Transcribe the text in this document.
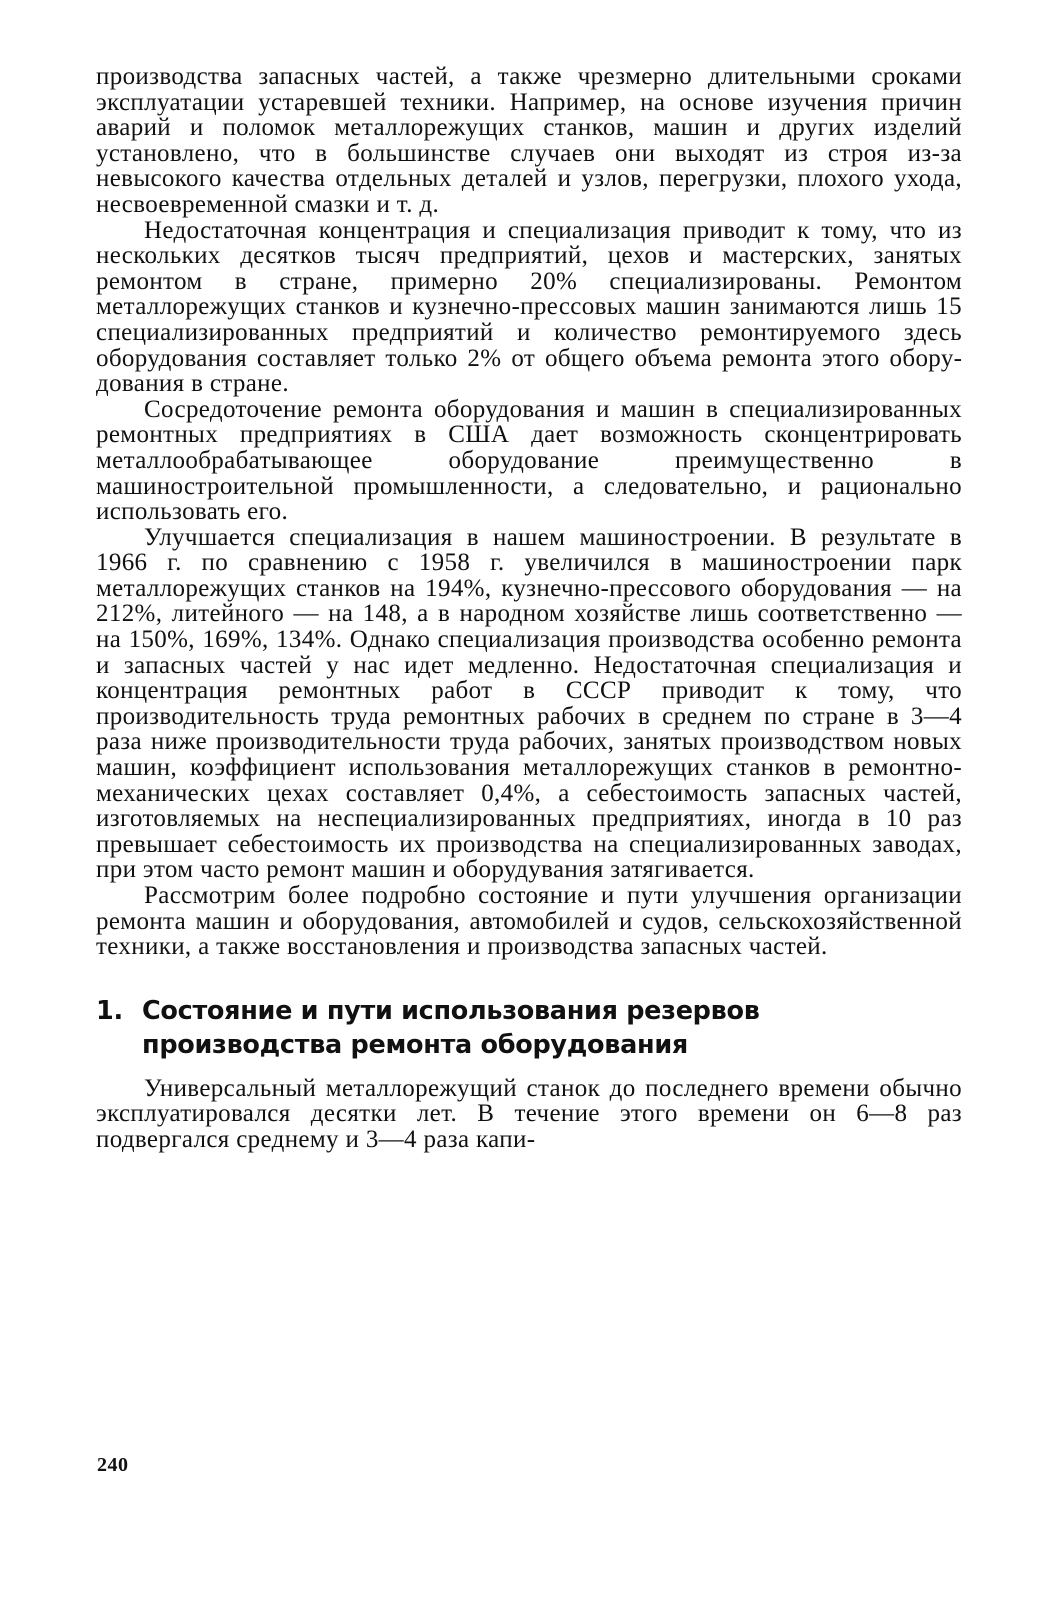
производства запасных частей, а также чрезмерно длительными сроками эксплуатации устаревшей техники. Например, на основе изучения причин аварий и поломок металлорежущих станков, машин и других изделий установлено, что в большинстве случаев они выходят из строя из-за невысокого качества отдельных деталей и узлов, перегрузки, плохого ухода, несвоевременной смазки и т. д.

Недостаточная концентрация и специализация приводит к тому, что из нескольких десятков тысяч предприятий, цехов и мастерских, занятых ремонтом в стране, примерно 20% специализированы. Ремонтом металлорежущих станков и кузнечно-прессовых машин занимаются лишь 15 специализированных предприятий и количество ремонтируемого здесь оборудования составляет только 2% от общего объема ремонта этого оборудования в стране.

Сосредоточение ремонта оборудования и машин в специализированных ремонтных предприятиях в США дает возможность сконцентрировать металлообрабатывающее оборудование преимущественно в машиностроительной промышленности, а следовательно, и рационально использовать его.

Улучшается специализация в нашем машиностроении. В результате в 1966 г. по сравнению с 1958 г. увеличился в машиностроении парк металлорежущих станков на 194%, кузнечно-прессового оборудования — на 212%, литейного — на 148, а в народном хозяйстве лишь соответственно — на 150%, 169%, 134%. Однако специализация производства особенно ремонта и запасных частей у нас идет медленно. Недостаточная специализация и концентрация ремонтных работ в СССР приводит к тому, что производительность труда ремонтных рабочих в среднем по стране в 3—4 раза ниже производительности труда рабочих, занятых производством новых машин, коэффициент использования металлорежущих станков в ремонтно-механических цехах составляет 0,4%, а себестоимость запасных частей, изготовляемых на неспециализированных предприятиях, иногда в 10 раз превышает себестоимость их производства на специализированных заводах, при этом часто ремонт машин и оборудувания затягивается.

Рассмотрим более подробно состояние и пути улучшения организации ремонта машин и оборудования, автомобилей и судов, сельскохозяйственной техники, а также восстановления и производства запасных частей.

1. Состояние и пути использования резервов
производства ремонта оборудования

Универсальный металлорежущий станок до последнего времени обычно эксплуатировался десятки лет. В течение этого времени он 6—8 раз подвергался среднему и 3—4 раза капи-

240
